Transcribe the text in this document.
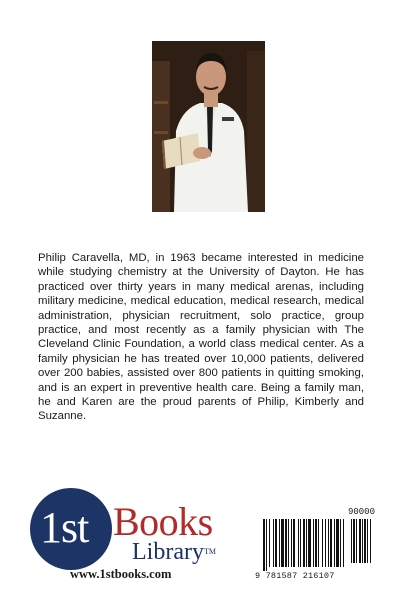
Philip Caravella, MD, in 1963 became interested in medicine while studying chemistry at the University of Dayton. He has practiced over thirty years in many medical arenas, including military medicine, medical education, medical research, medical administration, physician recruitment, solo practice, group practice, and most recently as a family physician with The Cleveland Clinic Foundation, a world class medical center. As a family physician he has treated over 10,000 patients, delivered over 200 babies, assisted over 800 patients in quitting smoking, and is an expert in preventive health care. Being a family man, he and Karen are the proud parents of Philip, Kimberly and Suzanne.

1st Books
Library™
www.1stbooks.com
90000
9 781587 216107
